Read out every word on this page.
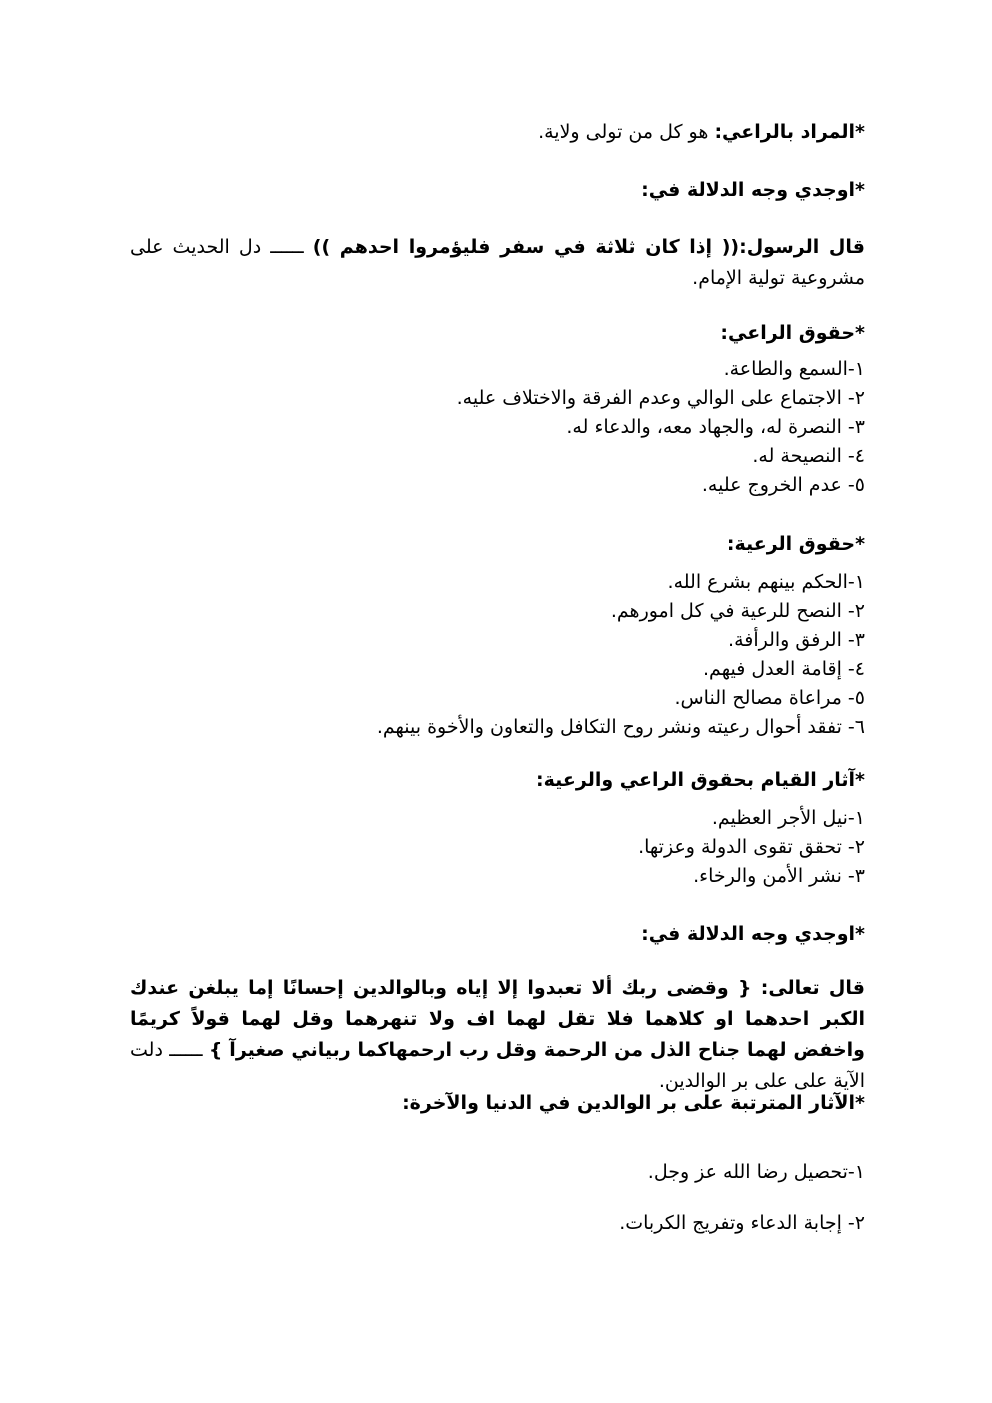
*المراد بالراعي: هو كل من تولى ولاية.
*اوجدي وجه الدلالة في:
قال الرسول:(( إذا كان ثلاثة في سفر فليؤمروا احدهم )) ــــــ دل الحديث على مشروعية تولية الإمام.
*حقوق الراعي:
١-السمع والطاعة.
٢- الاجتماع على الوالي وعدم الفرقة والاختلاف عليه.
٣- النصرة له، والجهاد معه، والدعاء له.
٤- النصيحة له.
٥- عدم الخروج عليه.
*حقوق الرعية:
١-الحكم بينهم بشرع الله.
٢- النصح للرعية في كل امورهم.
٣- الرفق والرأفة.
٤- إقامة العدل فيهم.
٥- مراعاة مصالح الناس.
٦- تفقد أحوال رعيته ونشر روح التكافل والتعاون والأخوة بينهم.
*آثار القيام بحقوق الراعي والرعية:
١-نيل الأجر العظيم.
٢- تحقق تقوى الدولة وعزتها.
٣- نشر الأمن والرخاء.
*اوجدي وجه الدلالة في:
قال تعالى: { وقضى ربك ألا تعبدوا إلا إياه وبالوالدين إحسانًا إما يبلغن عندك الكبر احدهما او كلاهما فلا تقل لهما اف ولا تنهرهما وقل لهما قولاً كريمًا واخفض لهما جناح الذل من الرحمة وقل رب ارحمهاكما ربياني صغيرآ } ــــــ دلت الآية على على بر الوالدين.
*الآثار المترتبة على بر الوالدين في الدنيا والآخرة:
١-تحصيل رضا الله عز وجل.
٢- إجابة الدعاء وتفريج الكربات.
